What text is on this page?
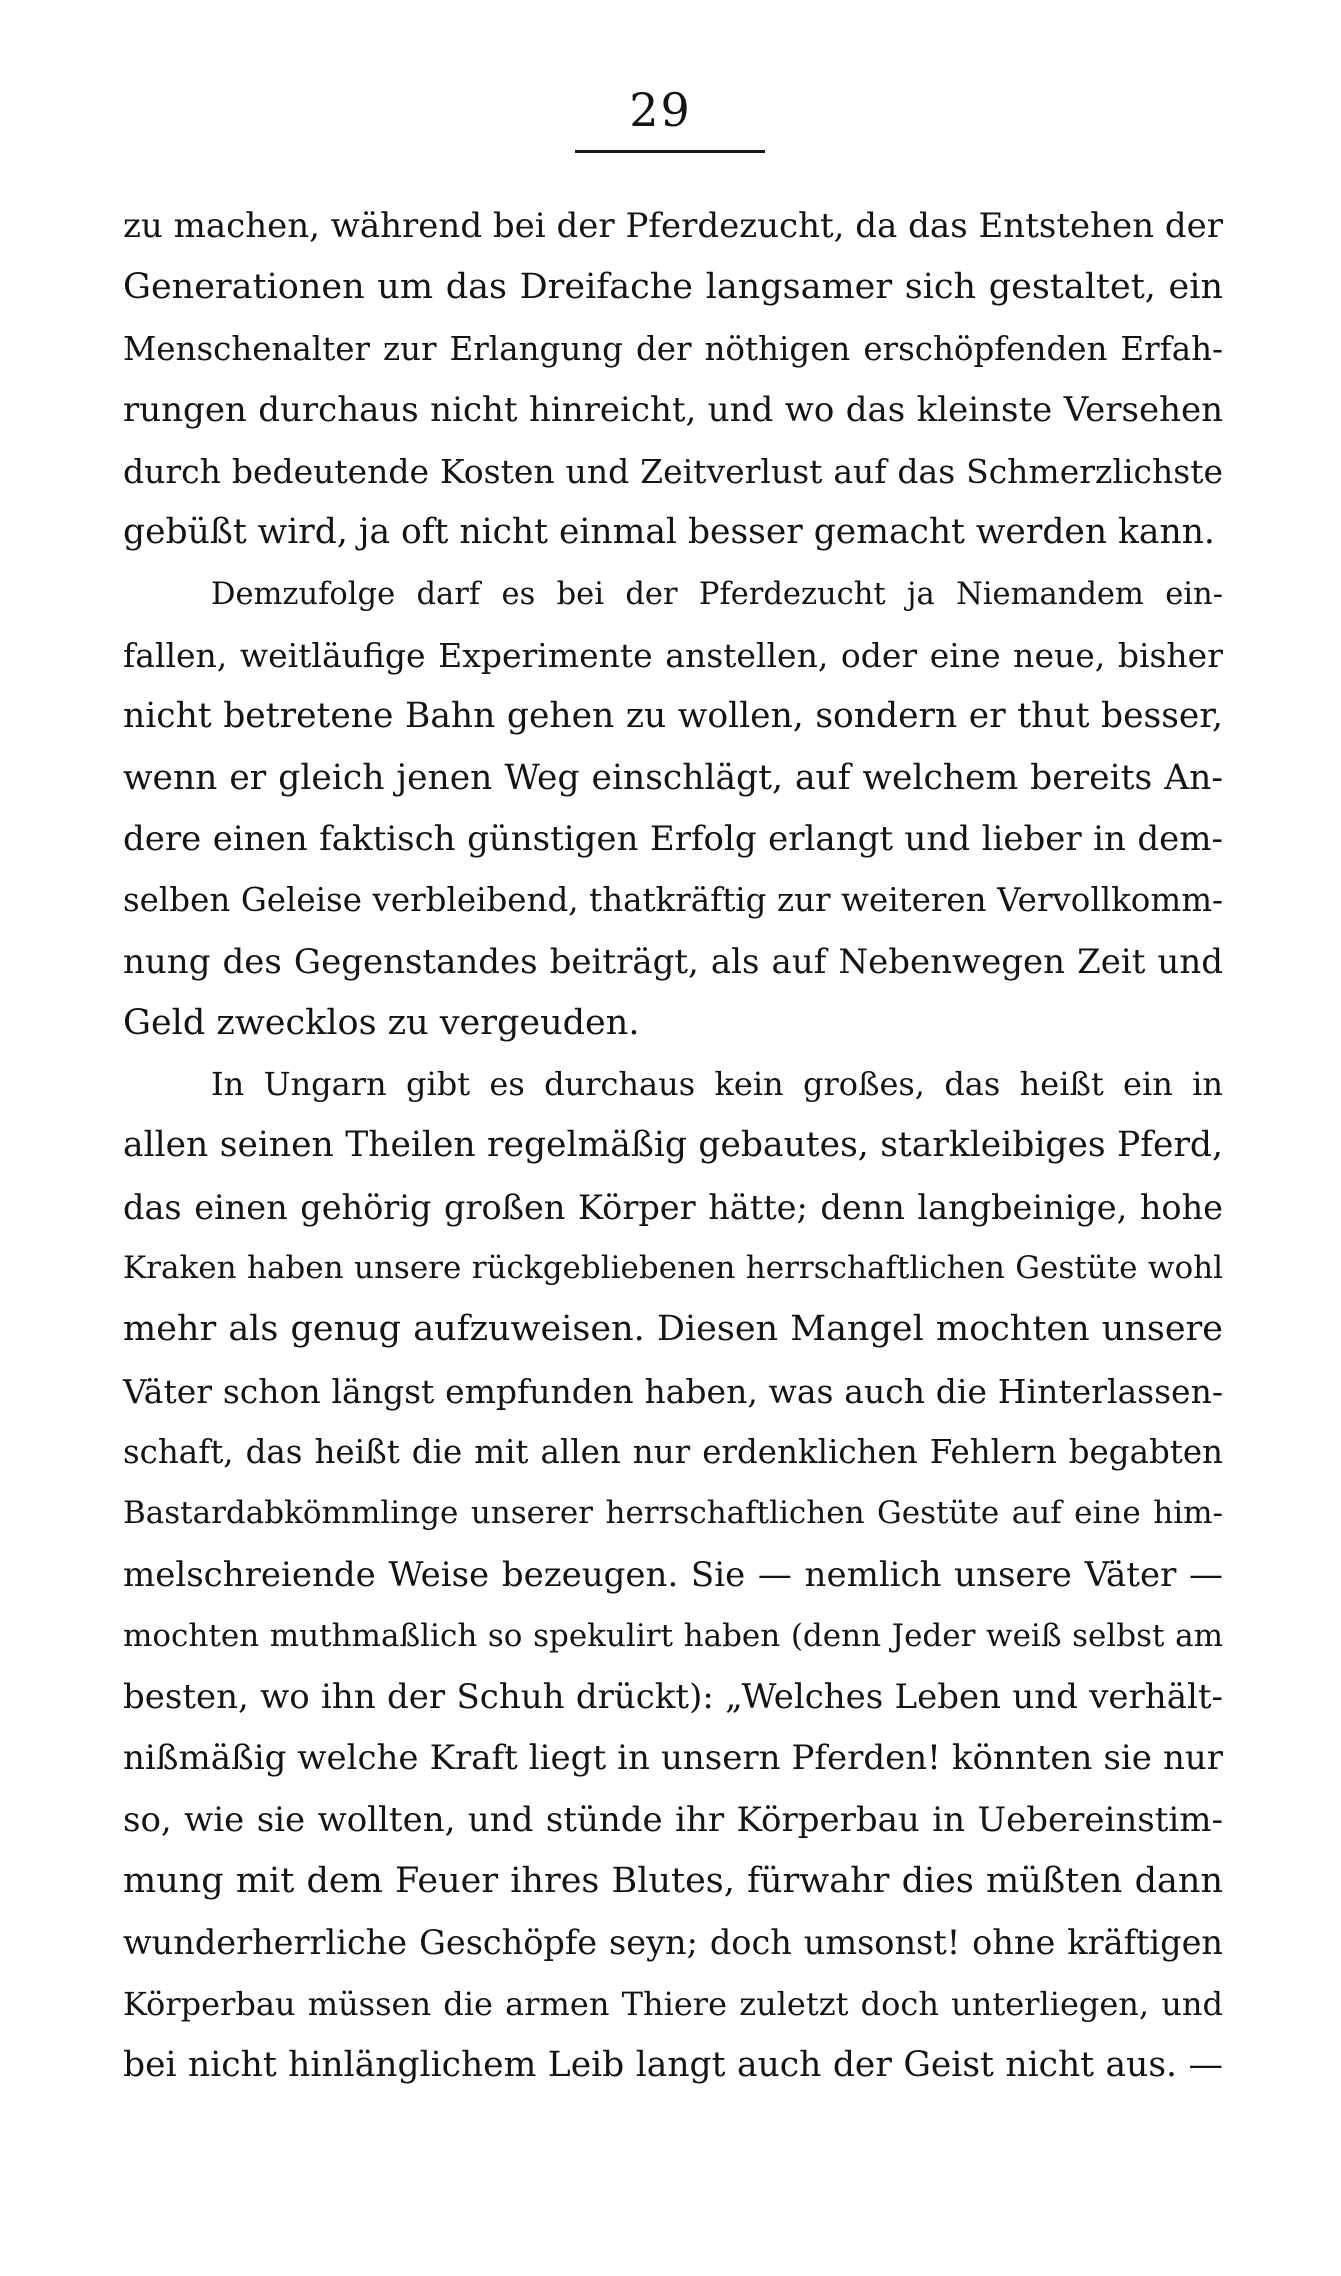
29
zu machen, während bei der Pferdezucht, da das Entstehen der
Generationen um das Dreifache langsamer sich gestaltet, ein
Menschenalter zur Erlangung der nöthigen erschöpfenden Erfah-
rungen durchaus nicht hinreicht, und wo das kleinste Versehen
durch bedeutende Kosten und Zeitverlust auf das Schmerzlichste
gebüßt wird, ja oft nicht einmal besser gemacht werden kann.
Demzufolge darf es bei der Pferdezucht ja Niemandem ein-
fallen, weitläufige Experimente anstellen, oder eine neue, bisher
nicht betretene Bahn gehen zu wollen, sondern er thut besser,
wenn er gleich jenen Weg einschlägt, auf welchem bereits An-
dere einen faktisch günstigen Erfolg erlangt und lieber in dem-
selben Geleise verbleibend, thatkräftig zur weiteren Vervollkomm-
nung des Gegenstandes beiträgt, als auf Nebenwegen Zeit und
Geld zwecklos zu vergeuden.
In Ungarn gibt es durchaus kein großes, das heißt ein in
allen seinen Theilen regelmäßig gebautes, starkleibiges Pferd,
das einen gehörig großen Körper hätte; denn langbeinige, hohe
Kraken haben unsere rückgebliebenen herrschaftlichen Gestüte wohl
mehr als genug aufzuweisen. Diesen Mangel mochten unsere
Väter schon längst empfunden haben, was auch die Hinterlassen-
schaft, das heißt die mit allen nur erdenklichen Fehlern begabten
Bastardabkömmlinge unserer herrschaftlichen Gestüte auf eine him-
melschreiende Weise bezeugen. Sie — nemlich unsere Väter —
mochten muthmaßlich so spekulirt haben (denn Jeder weiß selbst am
besten, wo ihn der Schuh drückt): „Welches Leben und verhält-
nißmäßig welche Kraft liegt in unsern Pferden! könnten sie nur
so, wie sie wollten, und stünde ihr Körperbau in Uebereinstim-
mung mit dem Feuer ihres Blutes, fürwahr dies müßten dann
wunderherrliche Geschöpfe seyn; doch umsonst! ohne kräftigen
Körperbau müssen die armen Thiere zuletzt doch unterliegen, und
bei nicht hinlänglichem Leib langt auch der Geist nicht aus. —
